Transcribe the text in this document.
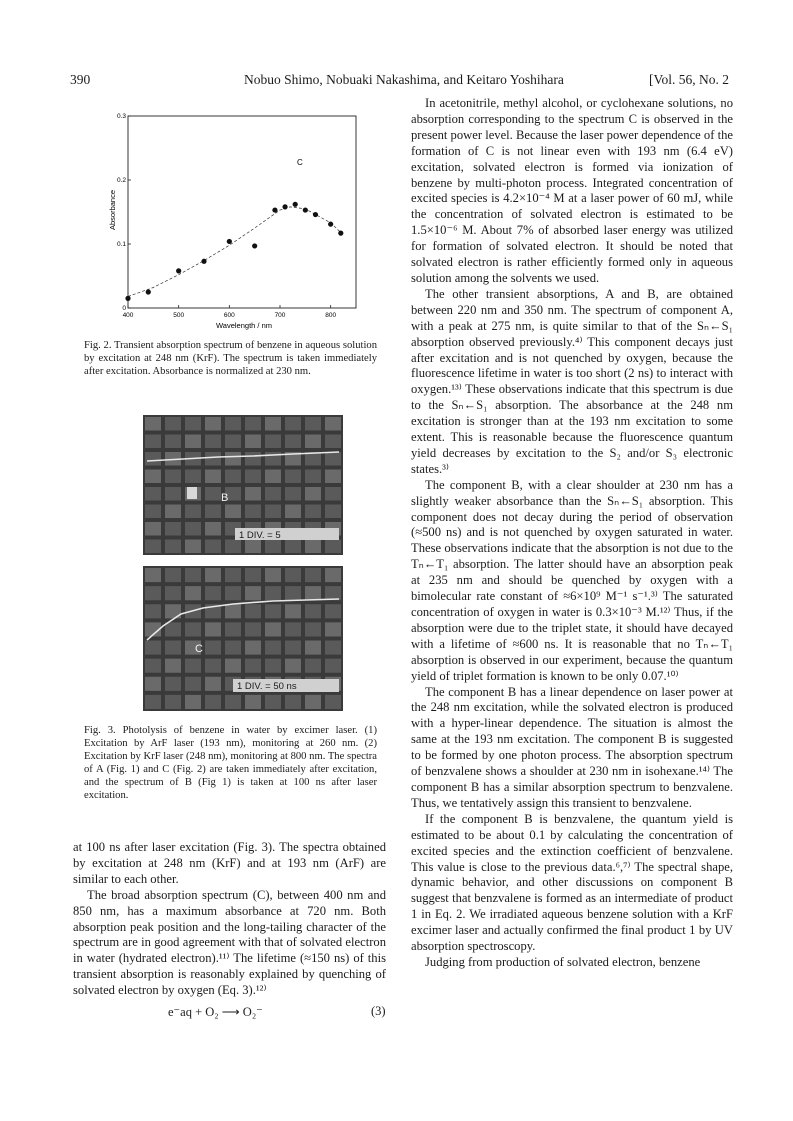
390	Nobuo Shimo, Nobuaki Nakashima, and Keitaro Yoshihara	[Vol. 56, No. 2
400	500	600	700	800
0
0.1
0.2
0.3
C
Wavelength / nm
Absorbance

Fig. 2. Transient absorption spectrum of benzene in aqueous solution by excitation at 248 nm (KrF). The spectrum is taken immediately after excitation. Absorbance is normalized at 230 nm.

B
1 DIV. = 5
C
1 DIV. = 50 ns

Fig. 3. Photolysis of benzene in water by excimer laser. (1) Excitation by ArF laser (193 nm), monitoring at 260 nm. (2) Excitation by KrF laser (248 nm), monitoring at 800 nm. The spectra of A (Fig. 1) and C (Fig. 2) are taken immediately after excitation, and the spectrum of B (Fig 1) is taken at 100 ns after laser excitation.

at 100 ns after laser excitation (Fig. 3). The spectra obtained by excitation at 248 nm (KrF) and at 193 nm (ArF) are similar to each other.

The broad absorption spectrum (C), between 400 nm and 850 nm, has a maximum absorbance at 720 nm. Both absorption peak position and the long-tailing character of the spectrum are in good agreement with that of solvated electron in water (hydrated electron).¹¹⁾ The lifetime (≈150 ns) of this transient absorption is reasonably explained by quenching of solvated electron by oxygen (Eq. 3).¹²⁾

e⁻aq + O₂ ⟶ O₂⁻	(3)

In acetonitrile, methyl alcohol, or cyclohexane solutions, no absorption corresponding to the spectrum C is observed in the present power level. Because the laser power dependence of the formation of C is not linear even with 193 nm (6.4 eV) excitation, solvated electron is formed via ionization of benzene by multi-photon process. Integrated concentration of excited species is 4.2×10⁻⁴ M at a laser power of 60 mJ, while the concentration of solvated electron is estimated to be 1.5×10⁻⁶ M. About 7% of absorbed laser energy was utilized for formation of solvated electron. It should be noted that solvated electron is rather efficiently formed only in aqueous solution among the solvents we used.

The other transient absorptions, A and B, are obtained between 220 nm and 350 nm. The spectrum of component A, with a peak at 275 nm, is quite similar to that of the Sₙ←S₁ absorption observed previously.⁴⁾ This component decays just after excitation and is not quenched by oxygen, because the fluorescence lifetime in water is too short (2 ns) to interact with oxygen.¹³⁾ These observations indicate that this spectrum is due to the Sₙ←S₁ absorption. The absorbance at the 248 nm excitation is stronger than at the 193 nm excitation to some extent. This is reasonable because the fluorescence quantum yield decreases by excitation to the S₂ and/or S₃ electronic states.³⁾

The component B, with a clear shoulder at 230 nm has a slightly weaker absorbance than the Sₙ←S₁ absorption. This component does not decay during the period of observation (≈500 ns) and is not quenched by oxygen saturated in water. These observations indicate that the absorption is not due to the Tₙ←T₁ absorption. The latter should have an absorption peak at 235 nm and should be quenched by oxygen with a bimolecular rate constant of ≈6×10⁹ M⁻¹ s⁻¹.³⁾ The saturated concentration of oxygen in water is 0.3×10⁻³ M.¹²⁾ Thus, if the absorption were due to the triplet state, it should have decayed with a lifetime of ≈600 ns. It is reasonable that no Tₙ←T₁ absorption is observed in our experiment, because the quantum yield of triplet formation is known to be only 0.07.¹⁰⁾

The component B has a linear dependence on laser power at the 248 nm excitation, while the solvated electron is produced with a hyper-linear dependence. The situation is almost the same at the 193 nm excitation. The component B is suggested to be formed by one photon process. The absorption spectrum of benzvalene shows a shoulder at 230 nm in isohexane.¹⁴⁾ The component B has a similar absorption spectrum to benzvalene. Thus, we tentatively assign this transient to benzvalene.

If the component B is benzvalene, the quantum yield is estimated to be about 0.1 by calculating the concentration of excited species and the extinction coefficient of benzvalene. This value is close to the previous data.⁶,⁷⁾ The spectral shape, dynamic behavior, and other discussions on component B suggest that benzvalene is formed as an intermediate of product 1 in Eq. 2. We irradiated aqueous benzene solution with a KrF excimer laser and actually confirmed the final product 1 by UV absorption spectroscopy.

Judging from production of solvated electron, benzene
